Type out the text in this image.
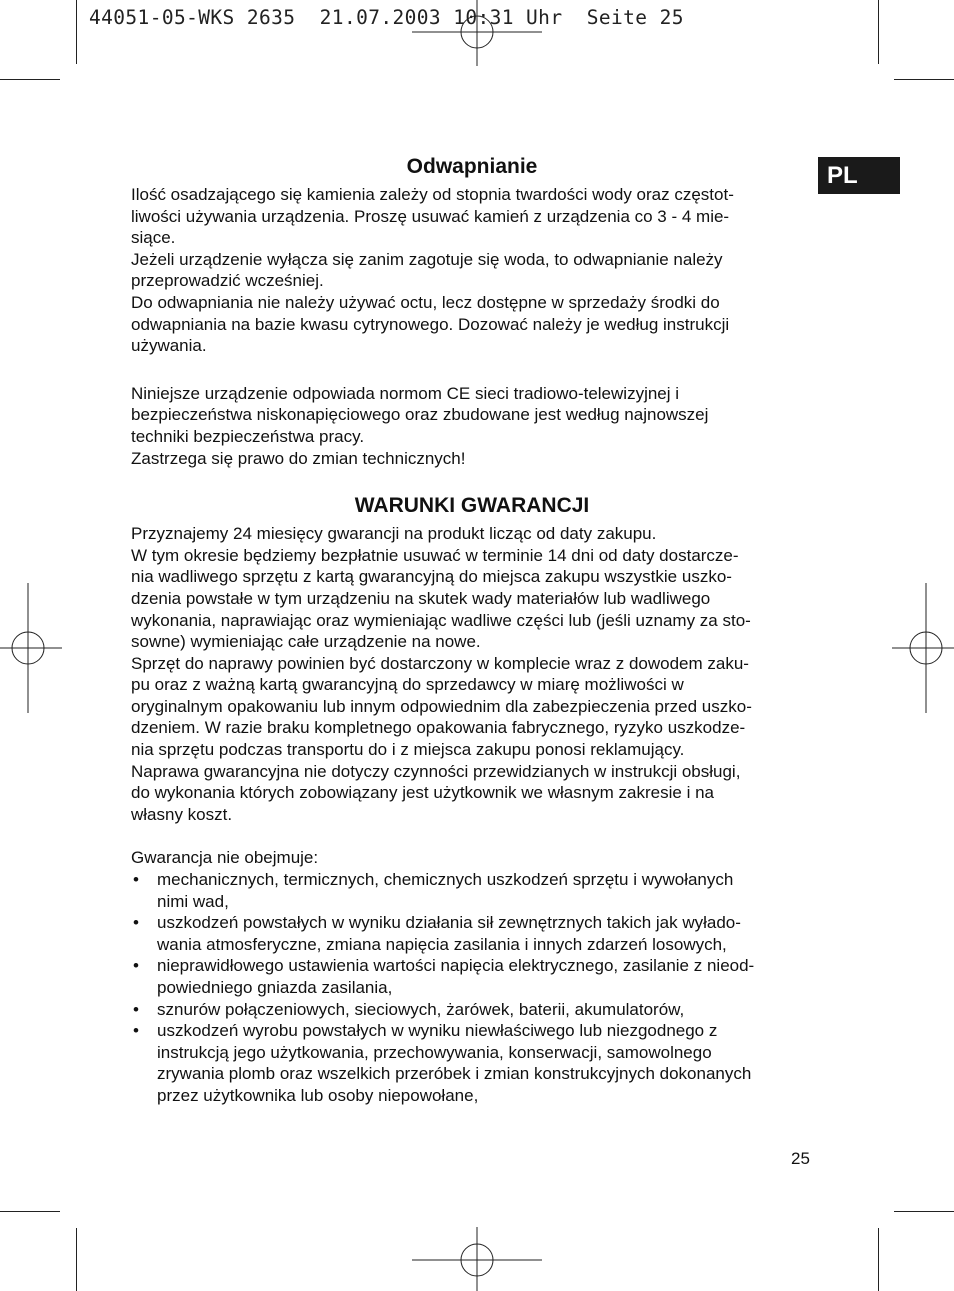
44051-05-WKS 2635  21.07.2003 10:31 Uhr  Seite 25
PL
Odwapnianie

Ilość osadzającego się kamienia zależy od stopnia twardości wody oraz częstot-
liwości używania urządzenia. Proszę usuwać kamień z urządzenia co 3 - 4 mie-
siące.

Jeżeli urządzenie wyłącza się zanim zagotuje się woda, to odwapnianie należy
przeprowadzić wcześniej.

Do odwapniania nie należy używać octu, lecz dostępne w sprzedaży środki do
odwapniania na bazie kwasu cytrynowego. Dozować należy je według instrukcji
używania.

Niniejsze urządzenie odpowiada normom CE sieci tradiowo-telewizyjnej i
bezpieczeństwa niskonapięciowego oraz zbudowane jest według najnowszej
techniki bezpieczeństwa pracy.

Zastrzega się prawo do zmian technicznych!

WARUNKI GWARANCJI

Przyznajemy 24 miesięcy gwarancji na produkt licząc od daty zakupu.

W tym okresie będziemy bezpłatnie usuwać w terminie 14 dni od daty dostarcze-
nia wadliwego sprzętu z kartą gwarancyjną do miejsca zakupu wszystkie uszko-
dzenia powstałe w tym urządzeniu na skutek wady materiałów lub wadliwego
wykonania, naprawiając oraz wymieniając wadliwe części lub (jeśli uznamy za sto-
sowne) wymieniając całe urządzenie na nowe.

Sprzęt do naprawy powinien być dostarczony w komplecie wraz z dowodem zaku-
pu oraz z ważną kartą gwarancyjną do sprzedawcy w miarę możliwości w
oryginalnym opakowaniu lub innym odpowiednim dla zabezpieczenia przed uszko-
dzeniem. W razie braku kompletnego opakowania fabrycznego, ryzyko uszkodze-
nia sprzętu podczas transportu do i z miejsca zakupu ponosi reklamujący.

Naprawa gwarancyjna nie dotyczy czynności przewidzianych w instrukcji obsługi,
do wykonania których zobowiązany jest użytkownik we własnym zakresie i na
własny koszt.

Gwarancja nie obejmuje:

• mechanicznych, termicznych, chemicznych uszkodzeń sprzętu i wywołanych
nimi wad,
• uszkodzeń powstałych w wyniku działania sił zewnętrznych takich jak wyłado-
wania atmosferyczne, zmiana napięcia zasilania i innych zdarzeń losowych,
• nieprawidłowego ustawienia wartości napięcia elektrycznego, zasilanie z nieod-
powiedniego gniazda zasilania,
• sznurów połączeniowych, sieciowych, żarówek, baterii, akumulatorów,
• uszkodzeń wyrobu powstałych w wyniku niewłaściwego lub niezgodnego z
instrukcją jego użytkowania, przechowywania, konserwacji, samowolnego
zrywania plomb oraz wszelkich przeróbek i zmian konstrukcyjnych dokonanych
przez użytkownika lub osoby niepowołane,
25
